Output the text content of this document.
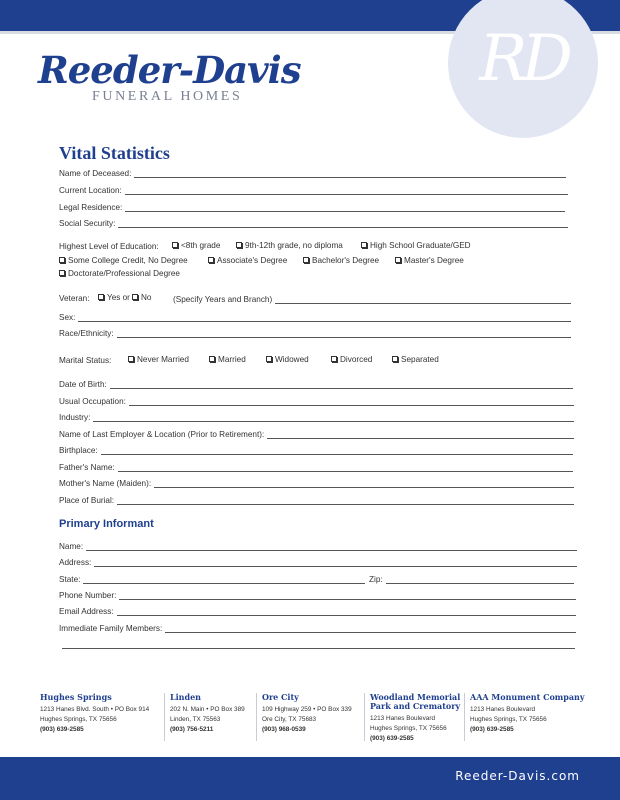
RD
Reeder-Davis
FUNERAL HOMES
Vital Statistics
Name of Deceased:
Current Location:
Legal Residence:
Social Security:
Highest Level of Education:	<8th grade	9th-12th grade, no diploma	High School Graduate/GED
Some College Credit, No Degree	Associate's Degree	Bachelor's Degree	Master's Degree
Doctorate/Professional Degree
Veteran:	Yes or	No	(Specify Years and Branch)
Sex:
Race/Ethnicity:
Marital Status:	Never Married	Married	Widowed	Divorced	Separated
Date of Birth:
Usual Occupation:
Industry:
Name of Last Employer & Location (Prior to Retirement):
Birthplace:
Father's Name:
Mother's Name (Maiden):
Place of Burial:
Primary Informant
Name:
Address:
State:	Zip:
Phone Number:
Email Address:
Immediate Family Members:
Hughes Springs
1213 Hanes Blvd. South • PO Box 914
Hughes Springs, TX 75656
(903) 639-2585
Linden
202 N. Main • PO Box 389
Linden, TX 75563
(903) 756-5211
Ore City
109 Highway 259 • PO Box 339
Ore City, TX 75683
(903) 968-0539
Woodland Memorial Park and Crematory
1213 Hanes Boulevard
Hughes Springs, TX 75656
(903) 639-2585
AAA Monument Company
1213 Hanes Boulevard
Hughes Springs, TX 75656
(903) 639-2585
Reeder-Davis.com
